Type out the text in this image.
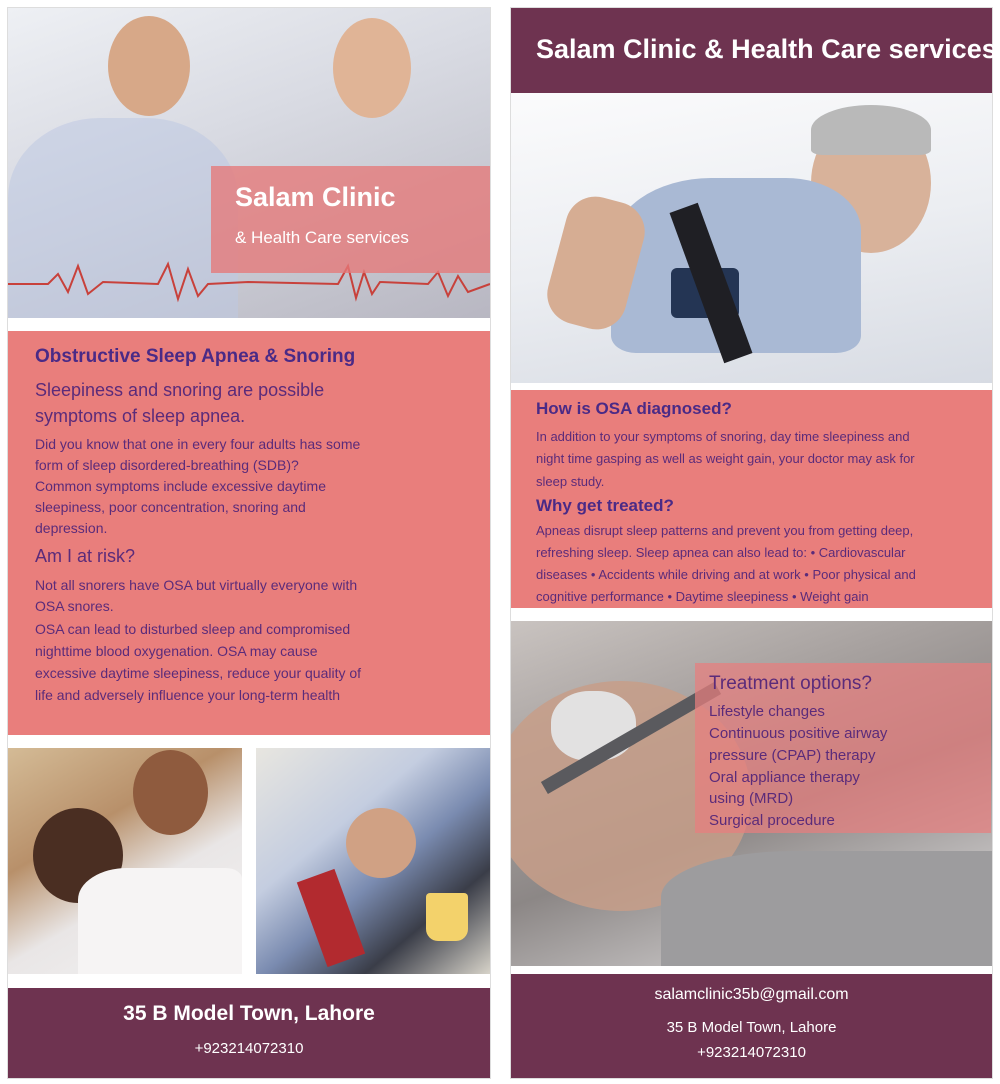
Salam Clinic
& Health Care services
Obstructive Sleep Apnea & Snoring
Sleepiness and snoring are possible
symptoms of sleep apnea.
Did you know that one in every four adults has some
form of sleep disordered-breathing (SDB)?
Common symptoms include excessive daytime
sleepiness, poor concentration, snoring and
depression.
Am I at risk?
Not all snorers have OSA but virtually everyone with
OSA snores.
OSA can lead to disturbed sleep and compromised
nighttime blood oxygenation. OSA may cause
excessive daytime sleepiness, reduce your quality of
life and adversely influence your long-term health
35 B Model Town, Lahore
+923214072310
Salam Clinic & Health Care services
How is OSA diagnosed?
In addition to your symptoms of snoring, day time sleepiness and
night time gasping as well as weight gain, your doctor may ask for
sleep study.
Why get treated?
Apneas disrupt sleep patterns and prevent you from getting deep,
refreshing sleep. Sleep apnea can also lead to: • Cardiovascular
diseases • Accidents while driving and at work • Poor physical and
cognitive performance • Daytime sleepiness • Weight gain
Treatment options?
Lifestyle changes
Continuous positive airway
pressure (CPAP) therapy
Oral appliance therapy
using (MRD)
Surgical procedure
salamclinic35b@gmail.com
35 B Model Town, Lahore
+923214072310
